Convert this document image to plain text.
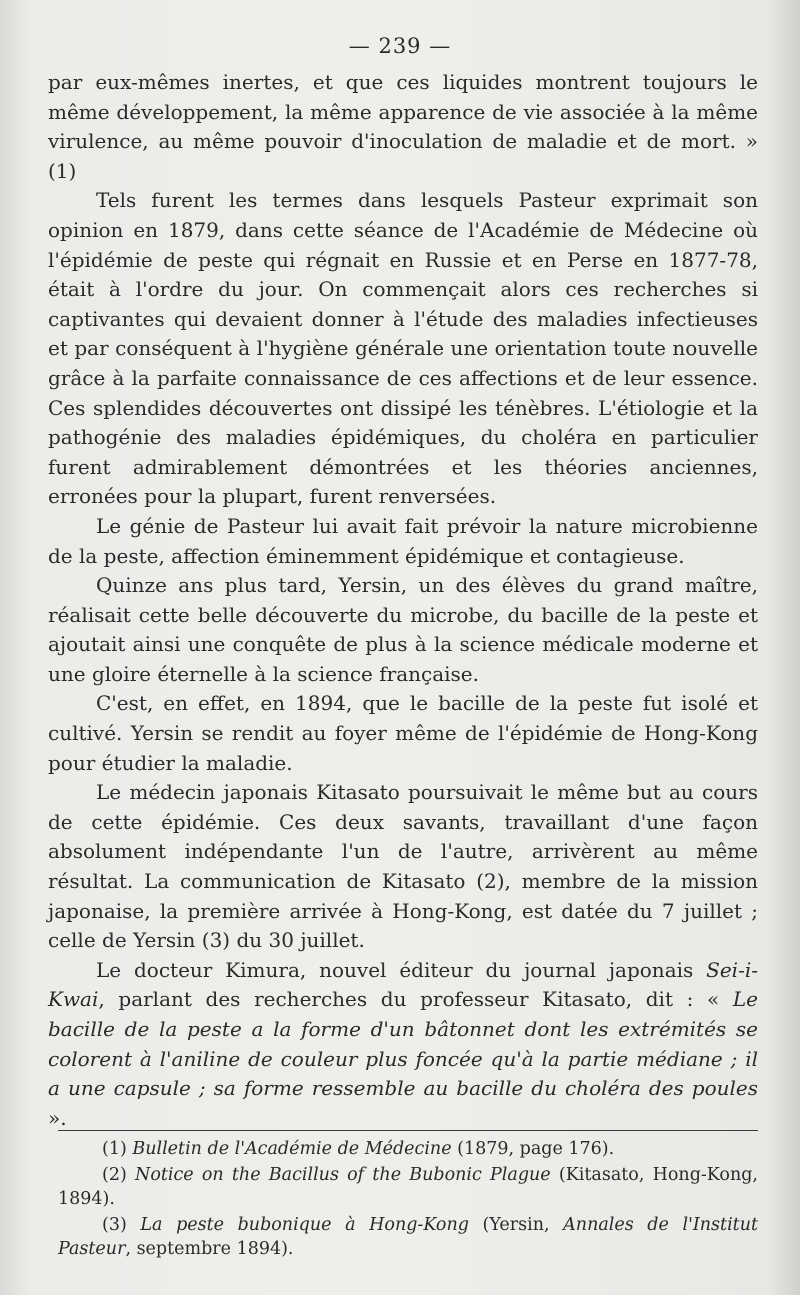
— 239 —

par eux-mêmes inertes, et que ces liquides montrent toujours le même développement, la même apparence de vie associée à la même virulence, au même pouvoir d'inoculation de maladie et de mort. » (1)

Tels furent les termes dans lesquels Pasteur exprimait son opinion en 1879, dans cette séance de l'Académie de Médecine où l'épidémie de peste qui régnait en Russie et en Perse en 1877-78, était à l'ordre du jour. On commençait alors ces recherches si captivantes qui devaient donner à l'étude des maladies infectieuses et par conséquent à l'hygiène générale une orientation toute nouvelle grâce à la parfaite connaissance de ces affections et de leur essence. Ces splendides découvertes ont dissipé les ténèbres. L'étiologie et la pathogénie des maladies épidémiques, du choléra en particulier furent admirablement démontrées et les théories anciennes, erronées pour la plupart, furent renversées.

Le génie de Pasteur lui avait fait prévoir la nature microbienne de la peste, affection éminemment épidémique et contagieuse.

Quinze ans plus tard, Yersin, un des élèves du grand maître, réalisait cette belle découverte du microbe, du bacille de la peste et ajoutait ainsi une conquête de plus à la science médicale moderne et une gloire éternelle à la science française.

C'est, en effet, en 1894, que le bacille de la peste fut isolé et cultivé. Yersin se rendit au foyer même de l'épidémie de Hong-Kong pour étudier la maladie.

Le médecin japonais Kitasato poursuivait le même but au cours de cette épidémie. Ces deux savants, travaillant d'une façon absolument indépendante l'un de l'autre, arrivèrent au même résultat. La communication de Kitasato (2), membre de la mission japonaise, la première arrivée à Hong-Kong, est datée du 7 juillet ; celle de Yersin (3) du 30 juillet.

Le docteur Kimura, nouvel éditeur du journal japonais Sei-i-Kwai, parlant des recherches du professeur Kitasato, dit : « Le bacille de la peste a la forme d'un bâtonnet dont les extrémités se colorent à l'aniline de couleur plus foncée qu'à la partie médiane ; il a une capsule ; sa forme ressemble au bacille du choléra des poules ».

(1) Bulletin de l'Académie de Médecine (1879, page 176).

(2) Notice on the Bacillus of the Bubonic Plague (Kitasato, Hong-Kong, 1894).

(3) La peste bubonique à Hong-Kong (Yersin, Annales de l'Institut Pasteur, septembre 1894).
